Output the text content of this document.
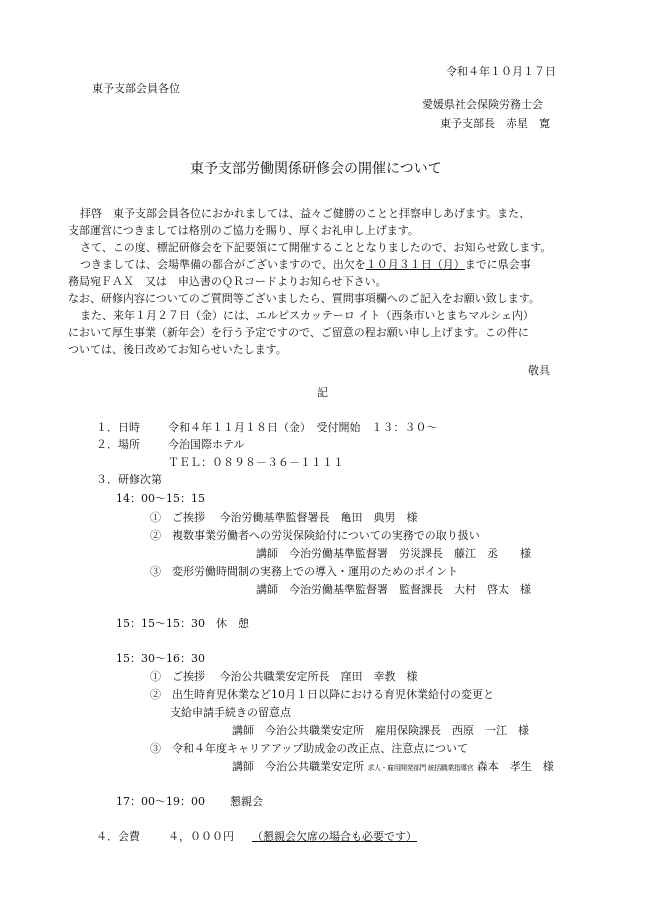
令和４年１０月１７日
東予支部会員各位
愛媛県社会保険労務士会
東予支部長　赤星　寛
東予支部労働関係研修会の開催について
拝啓　東予支部会員各位におかれましては、益々ご健勝のことと拝察申しあげます。また、
支部運営につきましては格別のご協力を賜り、厚くお礼申し上げます。
さて、この度、標記研修会を下記要領にて開催することとなりましたので、お知らせ致します。
つきましては、会場準備の都合がございますので、出欠を１０月３１日（月）までに県会事
務局宛ＦＡＸ　又は　申込書のＱＲコードよりお知らせ下さい。
なお、研修内容についてのご質問等ございましたら、質問事項欄へのご記入をお願い致します。
また、来年１月２７日（金）には、エルピスカッテーロ イト（西条市いとまちマルシェ内）
において厚生事業（新年会）を行う予定ですので、ご留意の程お願い申し上げます。この件に
ついては、後日改めてお知らせいたします。
敬具
記
１．日時	令和４年１１月１８日（金）　受付開始　１３：３０～
２．場所	今治国際ホテル
ＴＥＬ：０８９８－３６－１１１１
３．研修次第
14：00～15：15
①　ご挨拶　 今治労働基準監督署長　亀田　典男　様
②　複数事業労働者への労災保険給付についての実務での取り扱い
講師　今治労働基準監督署　労災課長　藤江　丞　　様
③　変形労働時間制の実務上での導入・運用のためのポイント
講師　今治労働基準監督署　監督課長　大村　啓太　様
15：15～15：30　休　憩
15：30～16：30
①　ご挨拶　 今治公共職業安定所長　窪田　幸教　様
②　出生時育児休業など10月１日以降における育児休業給付の変更と
支給申請手続きの留意点
講師　今治公共職業安定所　雇用保険課長　西原　一江　様
③　令和４年度キャリアアップ助成金の改正点、注意点について
講師　今治公共職業安定所 求人・雇用開発部門 統括職業指導官 森本　孝生　様
17：00～19：00 懇親会
４．会費	４，０００円 （懇親会欠席の場合も必要です）
